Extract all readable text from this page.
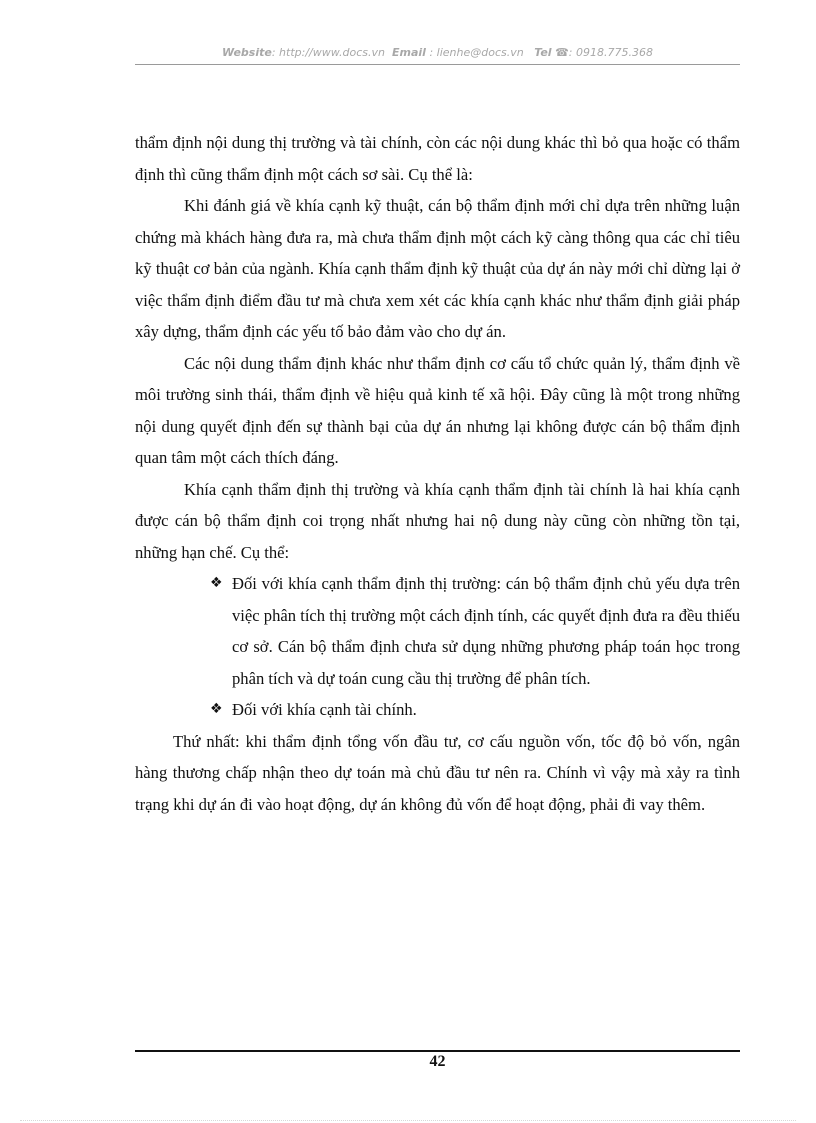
Website: http://www.docs.vn Email : lienhe@docs.vn Tel ☎: 0918.775.368

thẩm định nội dung thị trường và tài chính, còn các nội dung khác thì bỏ qua hoặc có thẩm định thì cũng thẩm định một cách sơ sài. Cụ thể là:

Khi đánh giá về khía cạnh kỹ thuật, cán bộ thẩm định mới chỉ dựa trên những luận chứng mà khách hàng đưa ra, mà chưa thẩm định một cách kỹ càng thông qua các chỉ tiêu kỹ thuật cơ bản của ngành. Khía cạnh thẩm định kỹ thuật của dự án này mới chỉ dừng lại ở việc thẩm định điểm đầu tư mà chưa xem xét các khía cạnh khác như thẩm định giải pháp xây dựng, thẩm định các yếu tố bảo đảm vào cho dự án.

Các nội dung thẩm định khác như thẩm định cơ cấu tổ chức quản lý, thẩm định về môi trường sinh thái, thẩm định về hiệu quả kinh tế xã hội. Đây cũng là một trong những nội dung quyết định đến sự thành bại của dự án nhưng lại không được cán bộ thẩm định quan tâm một cách thích đáng.

Khía cạnh thẩm định thị trường và khía cạnh thẩm định tài chính là hai khía cạnh được cán bộ thẩm định coi trọng nhất nhưng hai nộ dung này cũng còn những tồn tại, những hạn chế. Cụ thể:

❖ Đối với khía cạnh thẩm định thị trường: cán bộ thẩm định chủ yếu dựa trên việc phân tích thị trường một cách định tính, các quyết định đưa ra đều thiếu cơ sở. Cán bộ thẩm định chưa sử dụng những phương pháp toán học trong phân tích và dự toán cung cầu thị trường để phân tích.
❖ Đối với khía cạnh tài chính.

Thứ nhất: khi thẩm định tổng vốn đầu tư, cơ cấu nguồn vốn, tốc độ bỏ vốn, ngân hàng thương chấp nhận theo dự toán mà chủ đầu tư nên ra. Chính vì vậy mà xảy ra tình trạng khi dự án đi vào hoạt động, dự án không đủ vốn để hoạt động, phải đi vay thêm.

42
